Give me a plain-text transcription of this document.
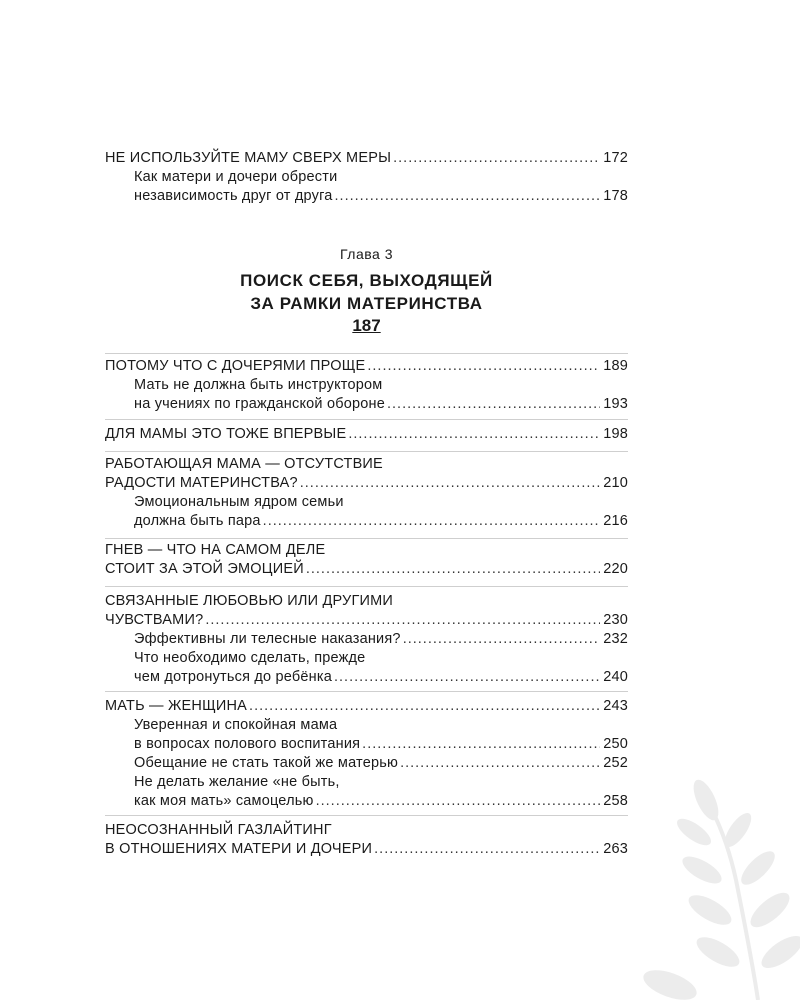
НЕ ИСПОЛЬЗУЙТЕ МАМУ СВЕРХ МЕРЫ .....	172
Как матери и дочери обрести
независимость друг от друга .....	178
Глава 3
ПОИСК СЕБЯ, ВЫХОДЯЩЕЙ
ЗА РАМКИ МАТЕРИНСТВА
187
ПОТОМУ ЧТО С ДОЧЕРЯМИ ПРОЩЕ .....	189
Мать не должна быть инструктором
на учениях по гражданской обороне .....	193
ДЛЯ МАМЫ ЭТО ТОЖЕ ВПЕРВЫЕ .....	198
РАБОТАЮЩАЯ МАМА — ОТСУТСТВИЕ
РАДОСТИ МАТЕРИНСТВА? .....	210
Эмоциональным ядром семьи
должна быть пара .....	216
ГНЕВ — ЧТО НА САМОМ ДЕЛЕ
СТОИТ ЗА ЭТОЙ ЭМОЦИЕЙ .....	220
СВЯЗАННЫЕ ЛЮБОВЬЮ ИЛИ ДРУГИМИ
ЧУВСТВАМИ? .....	230
Эффективны ли телесные наказания? .....	232
Что необходимо сделать, прежде
чем дотронуться до ребёнка .....	240
МАТЬ — ЖЕНЩИНА .....	243
Уверенная и спокойная мама
в вопросах полового воспитания .....	250
Обещание не стать такой же матерью .....	252
Не делать желание «не быть,
как моя мать» самоцелью .....	258
НЕОСОЗНАННЫЙ ГАЗЛАЙТИНГ
В ОТНОШЕНИЯХ МАТЕРИ И ДОЧЕРИ .....	263
